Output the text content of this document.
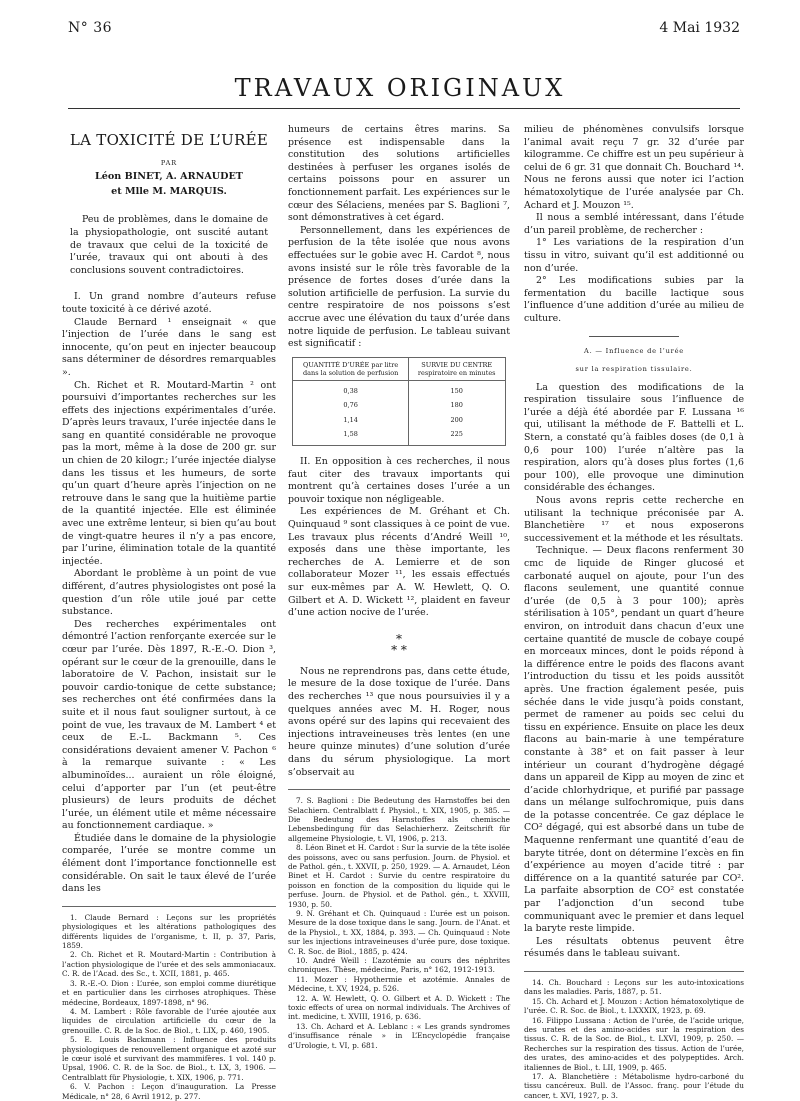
N° 36	4 Mai 1932
TRAVAUX ORIGINAUX
LA TOXICITÉ DE L’URÉE
PAR
Léon BINET, A. ARNAUDET
et Mlle M. MARQUIS.

Peu de problèmes, dans le domaine de la physiopathologie, ont suscité autant de travaux que celui de la toxicité de l’urée, travaux qui ont abouti à des conclusions souvent contradictoires.

I. Un grand nombre d’auteurs refuse toute toxicité à ce dérivé azoté.

Claude Bernard ¹ enseignait « que l’injection de l’urée dans le sang est innocente, qu’on peut en injecter beaucoup sans déterminer de désordres remarquables ».

Ch. Richet et R. Moutard-Martin ² ont poursuivi d’importantes recherches sur les effets des injections expérimentales d’urée. D’après leurs travaux, l’urée injectée dans le sang en quantité considérable ne provoque pas la mort, même à la dose de 200 gr. sur un chien de 20 kilogr.; l’urée injectée dialyse dans les tissus et les humeurs, de sorte qu’un quart d’heure après l’injection on ne retrouve dans le sang que la huitième partie de la quantité injectée. Elle est éliminée avec une extrême lenteur, si bien qu’au bout de vingt-quatre heures il n’y a pas encore, par l’urine, élimination totale de la quantité injectée.

Abordant le problème à un point de vue différent, d’autres physiologistes ont posé la question d’un rôle utile joué par cette substance.

Des recherches expérimentales ont démontré l’action renforçante exercée sur le cœur par l’urée. Dès 1897, R.-E.-O. Dion ³, opérant sur le cœur de la grenouille, dans le laboratoire de V. Pachon, insistait sur le pouvoir cardio-tonique de cette substance; ses recherches ont été confirmées dans la suite et il nous faut souligner surtout, à ce point de vue, les travaux de M. Lambert ⁴ et ceux de E.-L. Backmann ⁵. Ces considérations devaient amener V. Pachon ⁶ à la remarque suivante : « Les albuminoïdes... auraient un rôle éloigné, celui d’apporter par l’un (et peut-être plusieurs) de leurs produits de déchet l’urée, un élément utile et même nécessaire au fonctionnement cardiaque. »

Étudiée dans le domaine de la physiologie comparée, l’urée se montre comme un élément dont l’importance fonctionnelle est considérable. On sait le taux élevé de l’urée dans les

1. Claude Bernard : Leçons sur les propriétés physiologiques et les altérations pathologiques des différents liquides de l’organisme, t. II, p. 37, Paris, 1859.
2. Ch. Richet et R. Moutard-Martin : Contribution à l’action physiologique de l’urée et des sels ammoniacaux. C. R. de l’Acad. des Sc., t. XCII, 1881, p. 465.
3. R.-E.-O. Dion : L’urée, son emploi comme diurétique et en particulier dans les cirrhoses atrophiques. Thèse médecine, Bordeaux, 1897-1898, n° 96.
4. M. Lambert : Rôle favorable de l’urée ajoutée aux liquides de circulation artificielle du cœur de la grenouille. C. R. de la Soc. de Biol., t. LIX, p. 460, 1905.
5. E. Louis Backmann : Influence des produits physiologiques de renouvellement organique et azoté sur le cœur isolé et survivant des mammifères. 1 vol. 140 p. Upsal, 1906. C. R. de la Soc. de Biol., t. LX, 3, 1906. — Centralblatt für Physiologie, t. XIX, 1906, p. 771.
6. V. Pachon : Leçon d’inauguration. La Presse Médicale, n° 28, 6 Avril 1912, p. 277.

humeurs de certains êtres marins. Sa présence est indispensable dans la constitution des solutions artificielles destinées à perfuser les organes isolés de certains poissons pour en assurer un fonctionnement parfait. Les expériences sur le cœur des Sélaciens, menées par S. Baglioni ⁷, sont démonstratives à cet égard.

Personnellement, dans les expériences de perfusion de la tête isolée que nous avons effectuées sur le gobie avec H. Cardot ⁸, nous avons insisté sur le rôle très favorable de la présence de fortes doses d’urée dans la solution artificielle de perfusion. La survie du centre respiratoire de nos poissons s’est accrue avec une élévation du taux d’urée dans notre liquide de perfusion. Le tableau suivant est significatif :

QUANTITÉ D’URÉE par litre dans la solution de perfusion	SURVIE DU CENTRE respiratoire en minutes
0,38	150
0,76	180
1,14	200
1,58	225

II. En opposition à ces recherches, il nous faut citer des travaux importants qui montrent qu’à certaines doses l’urée a un pouvoir toxique non négligeable.

Les expériences de M. Gréhant et Ch. Quinquaud ⁹ sont classiques à ce point de vue. Les travaux plus récents d’André Weill ¹⁰, exposés dans une thèse importante, les recherches de A. Lemierre et de son collaborateur Mozer ¹¹, les essais effectués sur eux-mêmes par A. W. Hewlett, Q. O. Gilbert et A. D. Wickett ¹², plaident en faveur d’une action nocive de l’urée.

*
* *

Nous ne reprendrons pas, dans cette étude, le mesure de la dose toxique de l’urée. Dans des recherches ¹³ que nous poursuivies il y a quelques années avec M. H. Roger, nous avons opéré sur des lapins qui recevaient des injections intraveineuses très lentes (en une heure quinze minutes) d’une solution d’urée dans du sérum physiologique. La mort s’observait au

7. S. Baglioni : Die Bedeutung des Harnstoffes bei den Selachiern. Centralblatt f. Physiol., t. XIX, 1905, p. 385. — Die Bedeutung des Harnstoffes als chemische Lebensbedingung für das Selachierherz. Zeitschrift für allgemeine Physiologie, t. VI, 1906, p. 213.
8. Léon Binet et H. Cardot : Sur la survie de la tête isolée des poissons, avec ou sans perfusion. Journ. de Physiol. et de Pathol. gén., t. XXVII, p. 250, 1929. — A. Arnaudet, Léon Binet et H. Cardot : Survie du centre respiratoire du poisson en fonction de la composition du liquide qui le perfuse. Journ. de Physiol. et de Pathol. gén., t. XXVIII, 1930, p. 50.
9. N. Gréhant et Ch. Quinquaud : L’urée est un poison. Mesure de la dose toxique dans le sang. Journ. de l’Anat. et de la Physiol., t. XX, 1884, p. 393. — Ch. Quinquaud : Note sur les injections intraveineuses d’urée pure, dose toxique. C. R. Soc. de Biol., 1885, p. 424.
10. André Weill : L’azotémie au cours des néphrites chroniques. Thèse, médecine, Paris, n° 162, 1912-1913.
11. Mozer : Hypothermie et azotémie. Annales de Médecine, t. XV, 1924, p. 526.
12. A. W. Hewlett, Q. O. Gilbert et A. D. Wickett : The toxic effects of urea on normal individuals. The Archives of int. medicine, t. XVIII, 1916, p. 636.
13. Ch. Achard et A. Leblanc : « Les grands syndromes d’insuffisance rénale » in L’Encyclopédie française d’Urologie, t. VI, p. 681.

milieu de phénomènes convulsifs lorsque l’animal avait reçu 7 gr. 32 d’urée par kilogramme. Ce chiffre est un peu supérieur à celui de 6 gr. 31 que donnait Ch. Bouchard ¹⁴. Nous ne ferons aussi que noter ici l’action hématoxolytique de l’urée analysée par Ch. Achard et J. Mouzon ¹⁵.

Il nous a semblé intéressant, dans l’étude d’un pareil problème, de rechercher :

1° Les variations de la respiration d’un tissu in vitro, suivant qu’il est additionné ou non d’urée.

2° Les modifications subies par la fermentation du bacille lactique sous l’influence d’une addition d’urée au milieu de culture.

A. — Influence de l’urée
sur la respiration tissulaire.

La question des modifications de la respiration tissulaire sous l’influence de l’urée a déjà été abordée par F. Lussana ¹⁶ qui, utilisant la méthode de F. Battelli et L. Stern, a constaté qu’à faibles doses (de 0,1 à 0,6 pour 100) l’urée n’altère pas la respiration, alors qu’à doses plus fortes (1,6 pour 100), elle provoque une diminution considérable des échanges.

Nous avons repris cette recherche en utilisant la technique préconisée par A. Blanchetière ¹⁷ et nous exposerons successivement et la méthode et les résultats.

Technique. — Deux flacons renferment 30 cmc de liquide de Ringer glucosé et carbonaté auquel on ajoute, pour l’un des flacons seulement, une quantité connue d’urée (de 0,5 à 3 pour 100); après stérilisation à 105°, pendant un quart d’heure environ, on introduit dans chacun d’eux une certaine quantité de muscle de cobaye coupé en morceaux minces, dont le poids répond à la différence entre le poids des flacons avant l’introduction du tissu et les poids aussitôt après. Une fraction également pesée, puis séchée dans le vide jusqu’à poids constant, permet de ramener au poids sec celui du tissu en expérience. Ensuite on place les deux flacons au bain-marie à une température constante à 38° et on fait passer à leur intérieur un courant d’hydrogène dégagé dans un appareil de Kipp au moyen de zinc et d’acide chlorhydrique, et purifié par passage dans un mélange sulfochromique, puis dans de la potasse concentrée. Ce gaz déplace le CO² dégagé, qui est absorbé dans un tube de Maquenne renfermant une quantité d’eau de baryte titrée, dont on détermine l’excès en fin d’expérience au moyen d’acide titré : par différence on a la quantité saturée par CO². La parfaite absorption de CO² est constatée par l’adjonction d’un second tube communiquant avec le premier et dans lequel la baryte reste limpide.

Les résultats obtenus peuvent être résumés dans le tableau suivant.

14. Ch. Bouchard : Leçons sur les auto-intoxications dans les maladies. Paris, 1887, p. 51.
15. Ch. Achard et J. Mouzon : Action hématoxolytique de l’urée. C. R. Soc. de Biol., t. LXXXIX, 1923, p. 69.
16. Filippo Lussana : Action de l’urée, de l’acide urique, des urates et des amino-acides sur la respiration des tissus. C. R. de la Soc. de Biol., t. LXVI, 1909, p. 250. — Recherches sur la respiration des tissus. Action de l’urée, des urates, des amino-acides et des polypeptides. Arch. italiennes de Biol., t. LII, 1909, p. 465.
17. A. Blanchetière : Métabolisme hydro-carboné du tissu cancéreux. Bull. de l’Assoc. franç. pour l’étude du cancer, t. XVI, 1927, p. 3.
